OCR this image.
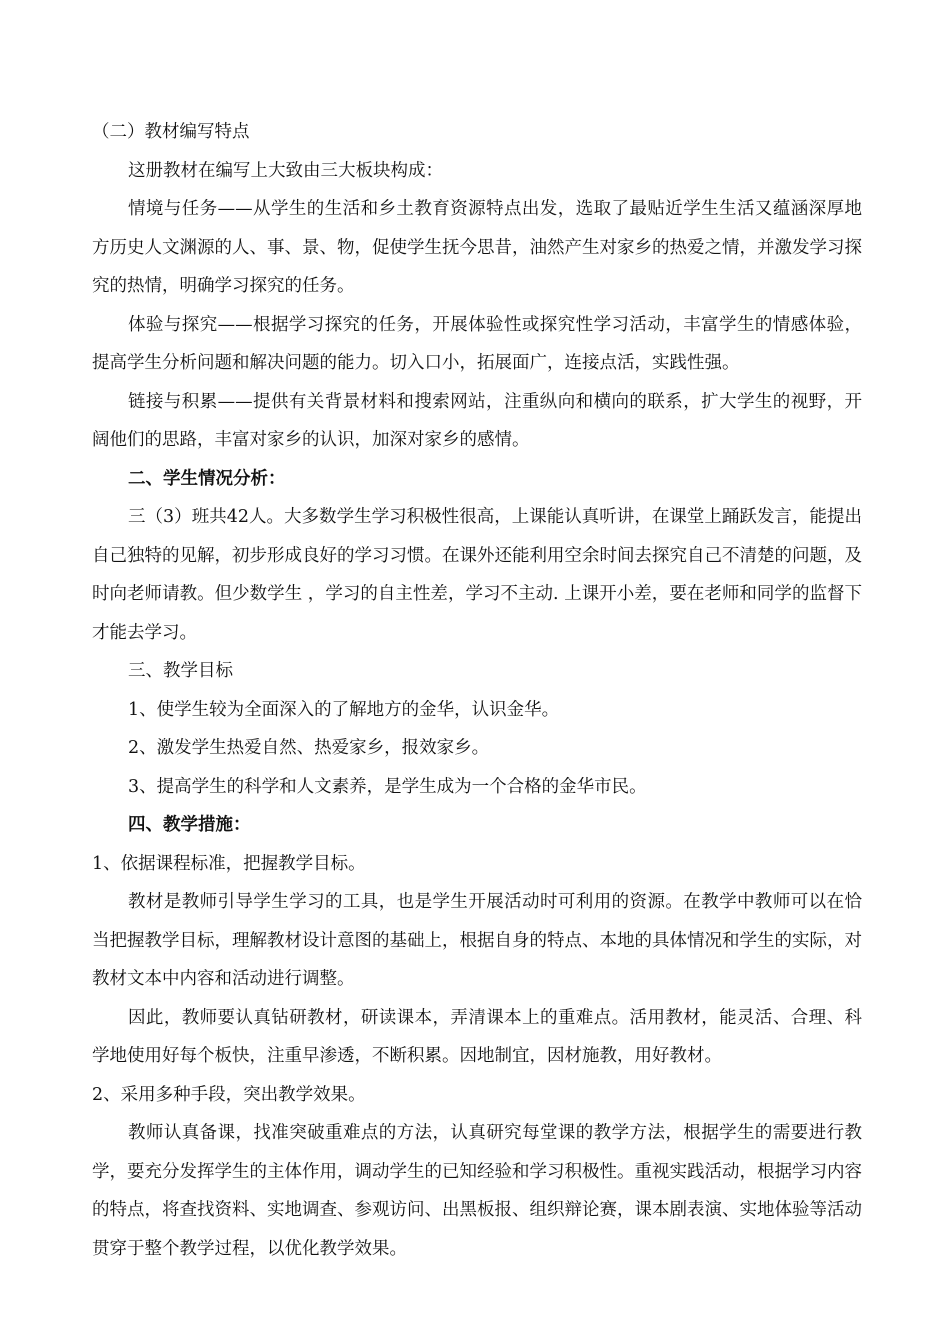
（二）教材编写特点

这册教材在编写上大致由三大板块构成：

情境与任务——从学生的生活和乡土教育资源特点出发，选取了最贴近学生生活又蕴涵深厚地方历史人文渊源的人、事、景、物，促使学生抚今思昔，油然产生对家乡的热爱之情，并激发学习探究的热情，明确学习探究的任务。

体验与探究——根据学习探究的任务，开展体验性或探究性学习活动，丰富学生的情感体验，提高学生分析问题和解决问题的能力。切入口小，拓展面广，连接点活，实践性强。

链接与积累——提供有关背景材料和搜索网站，注重纵向和横向的联系，扩大学生的视野，开阔他们的思路，丰富对家乡的认识，加深对家乡的感情。

二、学生情况分析：

三（3）班共42人。大多数学生学习积极性很高，上课能认真听讲，在课堂上踊跃发言，能提出自己独特的见解，初步形成良好的学习习惯。在课外还能利用空余时间去探究自己不清楚的问题，及时向老师请教。但少数学生 ，学习的自主性差，学习不主动. 上课开小差，要在老师和同学的监督下才能去学习。

三、教学目标

1、使学生较为全面深入的了解地方的金华，认识金华。

2、激发学生热爱自然、热爱家乡，报效家乡。

3、提高学生的科学和人文素养，是学生成为一个合格的金华市民。

四、教学措施：

1、依据课程标准，把握教学目标。

教材是教师引导学生学习的工具，也是学生开展活动时可利用的资源。在教学中教师可以在恰当把握教学目标，理解教材设计意图的基础上，根据自身的特点、本地的具体情况和学生的实际，对教材文本中内容和活动进行调整。

因此，教师要认真钻研教材，研读课本，弄清课本上的重难点。活用教材，能灵活、合理、科学地使用好每个板快，注重早渗透，不断积累。因地制宜，因材施教，用好教材。

2、采用多种手段，突出教学效果。

教师认真备课，找准突破重难点的方法，认真研究每堂课的教学方法，根据学生的需要进行教学，要充分发挥学生的主体作用，调动学生的已知经验和学习积极性。重视实践活动，根据学习内容的特点，将查找资料、实地调查、参观访问、出黑板报、组织辩论赛，课本剧表演、实地体验等活动贯穿于整个教学过程，以优化教学效果。
